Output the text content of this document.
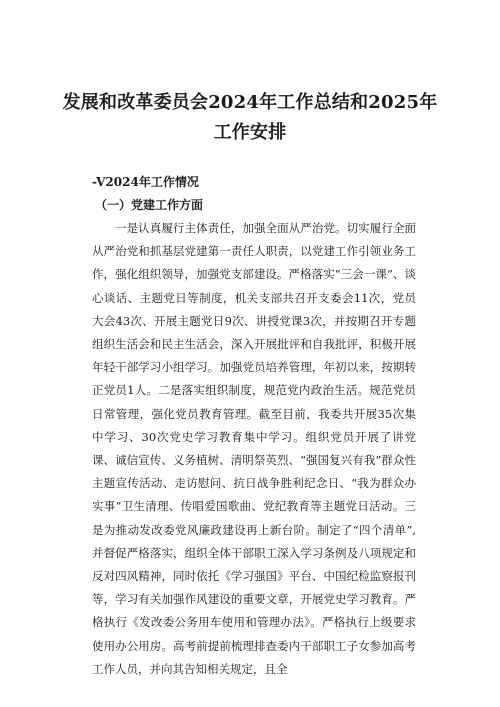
发展和改革委员会2024年工作总结和2025年
工作安排
-V2024年工作情况
（一）党建工作方面

一是认真履行主体责任，加强全面从严治党。切实履行全面从严治党和抓基层党建第一责任人职责，以党建工作引领业务工作，强化组织领导，加强党支部建设。严格落实“三会一课”、谈心谈话、主题党日等制度，机关支部共召开支委会11次，党员大会43次、开展主题党日9次、讲授党课3次，并按期召开专题组织生活会和民主生活会，深入开展批评和自我批评，积极开展年轻干部学习小组学习。加强党员培养管理，年初以来，按期转正党员1人。二是落实组织制度，规范党内政治生活。规范党员日常管理，强化党员教育管理。截至目前，我委共开展35次集中学习、30次党史学习教育集中学习。组织党员开展了讲党课、诚信宣传、义务植树、清明祭英烈、“强国复兴有我”群众性主题宣传活动、走访慰问、抗日战争胜利纪念日、“我为群众办实事”卫生清理、传唱爱国歌曲、党纪教育等主题党日活动。三是为推动发改委党风廉政建设再上新台阶。制定了“四个清单”,并督促严格落实，组织全体干部职工深入学习条例及八项规定和反对四风精神，同时依托《学习强国》平台、中国纪检监察报刊等，学习有关加强作风建设的重要文章，开展党史学习教育。严格执行《发改委公务用车使用和管理办法》。严格执行上级要求使用办公用房。高考前提前梳理排查委内干部职工子女参加高考工作人员，并向其告知相关规定，且全
